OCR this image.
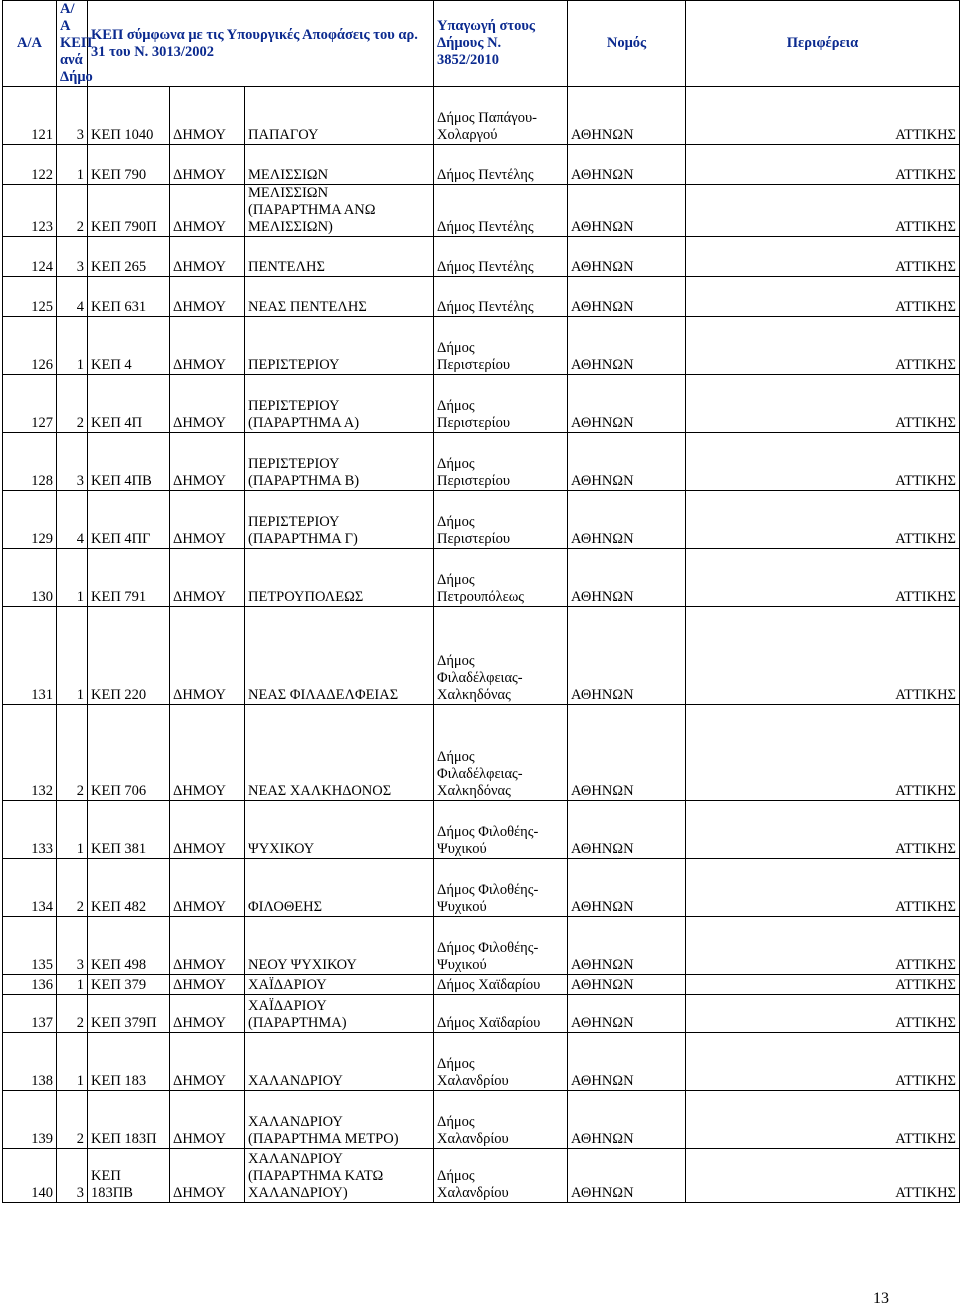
Α/Α	Α/Α
ΚΕΠ
ανά
Δήμο	ΚΕΠ σύμφωνα με τις Υπουργικές Αποφάσεις του αρ. 31 του Ν. 3013/2002			Υπαγωγή στους Δήμους Ν. 3852/2010	Νομός	Περιφέρεια
121	3	ΚΕΠ 1040	ΔΗΜΟΥ	ΠΑΠΑΓΟΥ	Δήμος Παπάγου-
Χολαργού	ΑΘΗΝΩΝ	ΑΤΤΙΚΗΣ
122	1	ΚΕΠ 790	ΔΗΜΟΥ	ΜΕΛΙΣΣΙΩΝ	Δήμος Πεντέλης	ΑΘΗΝΩΝ	ΑΤΤΙΚΗΣ
123	2	ΚΕΠ 790Π	ΔΗΜΟΥ	ΜΕΛΙΣΣΙΩΝ
(ΠΑΡΑΡΤΗΜΑ ΑΝΩ
ΜΕΛΙΣΣΙΩΝ)	Δήμος Πεντέλης	ΑΘΗΝΩΝ	ΑΤΤΙΚΗΣ
124	3	ΚΕΠ 265	ΔΗΜΟΥ	ΠΕΝΤΕΛΗΣ	Δήμος Πεντέλης	ΑΘΗΝΩΝ	ΑΤΤΙΚΗΣ
125	4	ΚΕΠ 631	ΔΗΜΟΥ	ΝΕΑΣ ΠΕΝΤΕΛΗΣ	Δήμος Πεντέλης	ΑΘΗΝΩΝ	ΑΤΤΙΚΗΣ
126	1	ΚΕΠ 4	ΔΗΜΟΥ	ΠΕΡΙΣΤΕΡΙΟΥ	Δήμος
Περιστερίου	ΑΘΗΝΩΝ	ΑΤΤΙΚΗΣ
127	2	ΚΕΠ 4Π	ΔΗΜΟΥ	ΠΕΡΙΣΤΕΡΙΟΥ
(ΠΑΡΑΡΤΗΜΑ Α)	Δήμος
Περιστερίου	ΑΘΗΝΩΝ	ΑΤΤΙΚΗΣ
128	3	ΚΕΠ 4ΠΒ	ΔΗΜΟΥ	ΠΕΡΙΣΤΕΡΙΟΥ
(ΠΑΡΑΡΤΗΜΑ Β)	Δήμος
Περιστερίου	ΑΘΗΝΩΝ	ΑΤΤΙΚΗΣ
129	4	ΚΕΠ 4ΠΓ	ΔΗΜΟΥ	ΠΕΡΙΣΤΕΡΙΟΥ
(ΠΑΡΑΡΤΗΜΑ Γ)	Δήμος
Περιστερίου	ΑΘΗΝΩΝ	ΑΤΤΙΚΗΣ
130	1	ΚΕΠ 791	ΔΗΜΟΥ	ΠΕΤΡΟΥΠΟΛΕΩΣ	Δήμος
Πετρουπόλεως	ΑΘΗΝΩΝ	ΑΤΤΙΚΗΣ
131	1	ΚΕΠ 220	ΔΗΜΟΥ	ΝΕΑΣ ΦΙΛΑΔΕΛΦΕΙΑΣ	Δήμος
Φιλαδέλφειας-
Χαλκηδόνας	ΑΘΗΝΩΝ	ΑΤΤΙΚΗΣ
132	2	ΚΕΠ 706	ΔΗΜΟΥ	ΝΕΑΣ ΧΑΛΚΗΔΟΝΟΣ	Δήμος
Φιλαδέλφειας-
Χαλκηδόνας	ΑΘΗΝΩΝ	ΑΤΤΙΚΗΣ
133	1	ΚΕΠ 381	ΔΗΜΟΥ	ΨΥΧΙΚΟΥ	Δήμος Φιλοθέης-
Ψυχικού	ΑΘΗΝΩΝ	ΑΤΤΙΚΗΣ
134	2	ΚΕΠ 482	ΔΗΜΟΥ	ΦΙΛΟΘΕΗΣ	Δήμος Φιλοθέης-
Ψυχικού	ΑΘΗΝΩΝ	ΑΤΤΙΚΗΣ
135	3	ΚΕΠ 498	ΔΗΜΟΥ	ΝΕΟΥ ΨΥΧΙΚΟΥ	Δήμος Φιλοθέης-
Ψυχικού	ΑΘΗΝΩΝ	ΑΤΤΙΚΗΣ
136	1	ΚΕΠ 379	ΔΗΜΟΥ	ΧΑΪΔΑΡΙΟΥ	Δήμος Χαϊδαρίου	ΑΘΗΝΩΝ	ΑΤΤΙΚΗΣ
137	2	ΚΕΠ 379Π	ΔΗΜΟΥ	ΧΑΪΔΑΡΙΟΥ
(ΠΑΡΑΡΤΗΜΑ)	Δήμος Χαϊδαρίου	ΑΘΗΝΩΝ	ΑΤΤΙΚΗΣ
138	1	ΚΕΠ 183	ΔΗΜΟΥ	ΧΑΛΑΝΔΡΙΟΥ	Δήμος
Χαλανδρίου	ΑΘΗΝΩΝ	ΑΤΤΙΚΗΣ
139	2	ΚΕΠ 183Π	ΔΗΜΟΥ	ΧΑΛΑΝΔΡΙΟΥ
(ΠΑΡΑΡΤΗΜΑ ΜΕΤΡΟ)	Δήμος
Χαλανδρίου	ΑΘΗΝΩΝ	ΑΤΤΙΚΗΣ
140	3	ΚΕΠ
183ΠΒ	ΔΗΜΟΥ	ΧΑΛΑΝΔΡΙΟΥ
(ΠΑΡΑΡΤΗΜΑ ΚΑΤΩ
ΧΑΛΑΝΔΡΙΟΥ)	Δήμος
Χαλανδρίου	ΑΘΗΝΩΝ	ΑΤΤΙΚΗΣ
13
